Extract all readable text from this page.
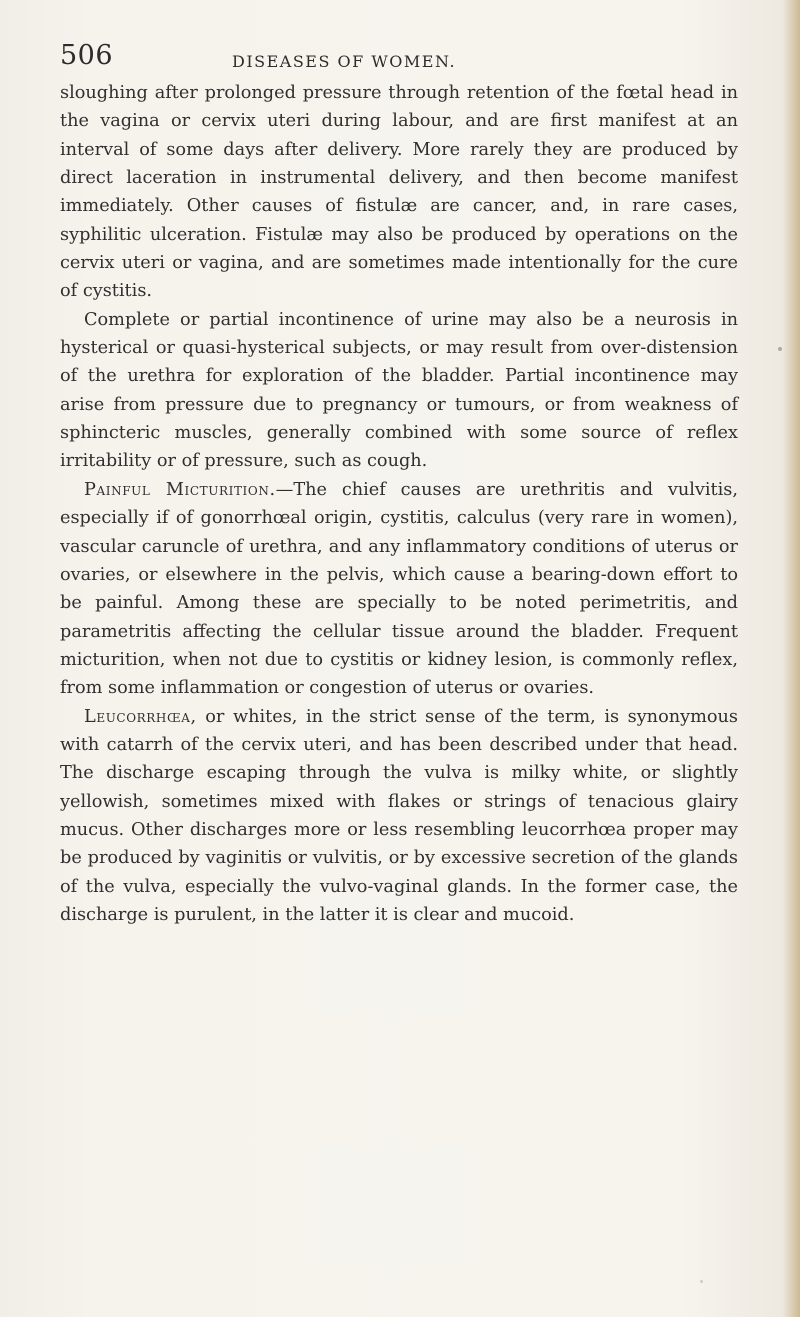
506	DISEASES OF WOMEN.

sloughing after prolonged pressure through retention of the fœtal head in the vagina or cervix uteri during labour, and are first manifest at an interval of some days after delivery. More rarely they are produced by direct laceration in instrumental delivery, and then become manifest immediately. Other causes of fistulæ are cancer, and, in rare cases, syphilitic ulceration. Fistulæ may also be produced by operations on the cervix uteri or vagina, and are sometimes made intentionally for the cure of cystitis.

Complete or partial incontinence of urine may also be a neurosis in hysterical or quasi-hysterical subjects, or may result from over-distension of the urethra for exploration of the bladder. Partial incontinence may arise from pressure due to pregnancy or tumours, or from weakness of sphincteric muscles, generally combined with some source of reflex irritability or of pressure, such as cough.

Painful Micturition.—The chief causes are urethritis and vulvitis, especially if of gonorrhœal origin, cystitis, calculus (very rare in women), vascular caruncle of urethra, and any inflammatory conditions of uterus or ovaries, or elsewhere in the pelvis, which cause a bearing-down effort to be painful. Among these are specially to be noted perimetritis, and parametritis affecting the cellular tissue around the bladder. Frequent micturition, when not due to cystitis or kidney lesion, is commonly reflex, from some inflammation or congestion of uterus or ovaries.

Leucorrhœa, or whites, in the strict sense of the term, is synonymous with catarrh of the cervix uteri, and has been described under that head. The discharge escaping through the vulva is milky white, or slightly yellowish, sometimes mixed with flakes or strings of tenacious glairy mucus. Other discharges more or less resembling leucorrhœa proper may be produced by vaginitis or vulvitis, or by excessive secretion of the glands of the vulva, especially the vulvo-vaginal glands. In the former case, the discharge is purulent, in the latter it is clear and mucoid.
